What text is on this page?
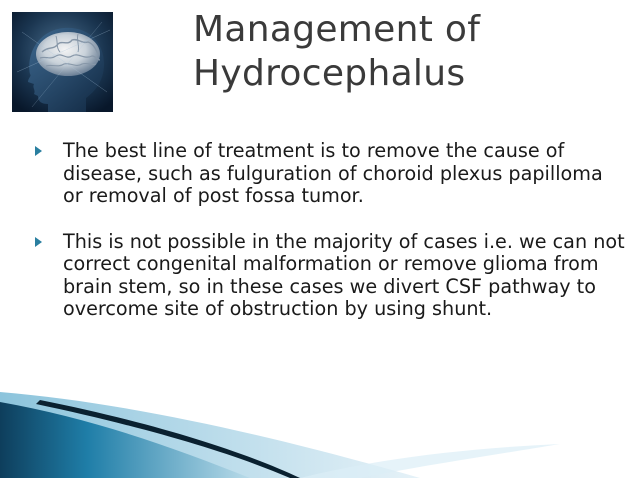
Management of
Hydrocephalus
The best line of treatment is to remove the cause of disease, such as fulguration of choroid plexus papilloma or removal of post fossa tumor.
This is not possible in the majority of cases i.e. we can not correct congenital malformation or remove glioma from brain stem, so in these cases we divert CSF pathway to overcome site of obstruction by using shunt.
